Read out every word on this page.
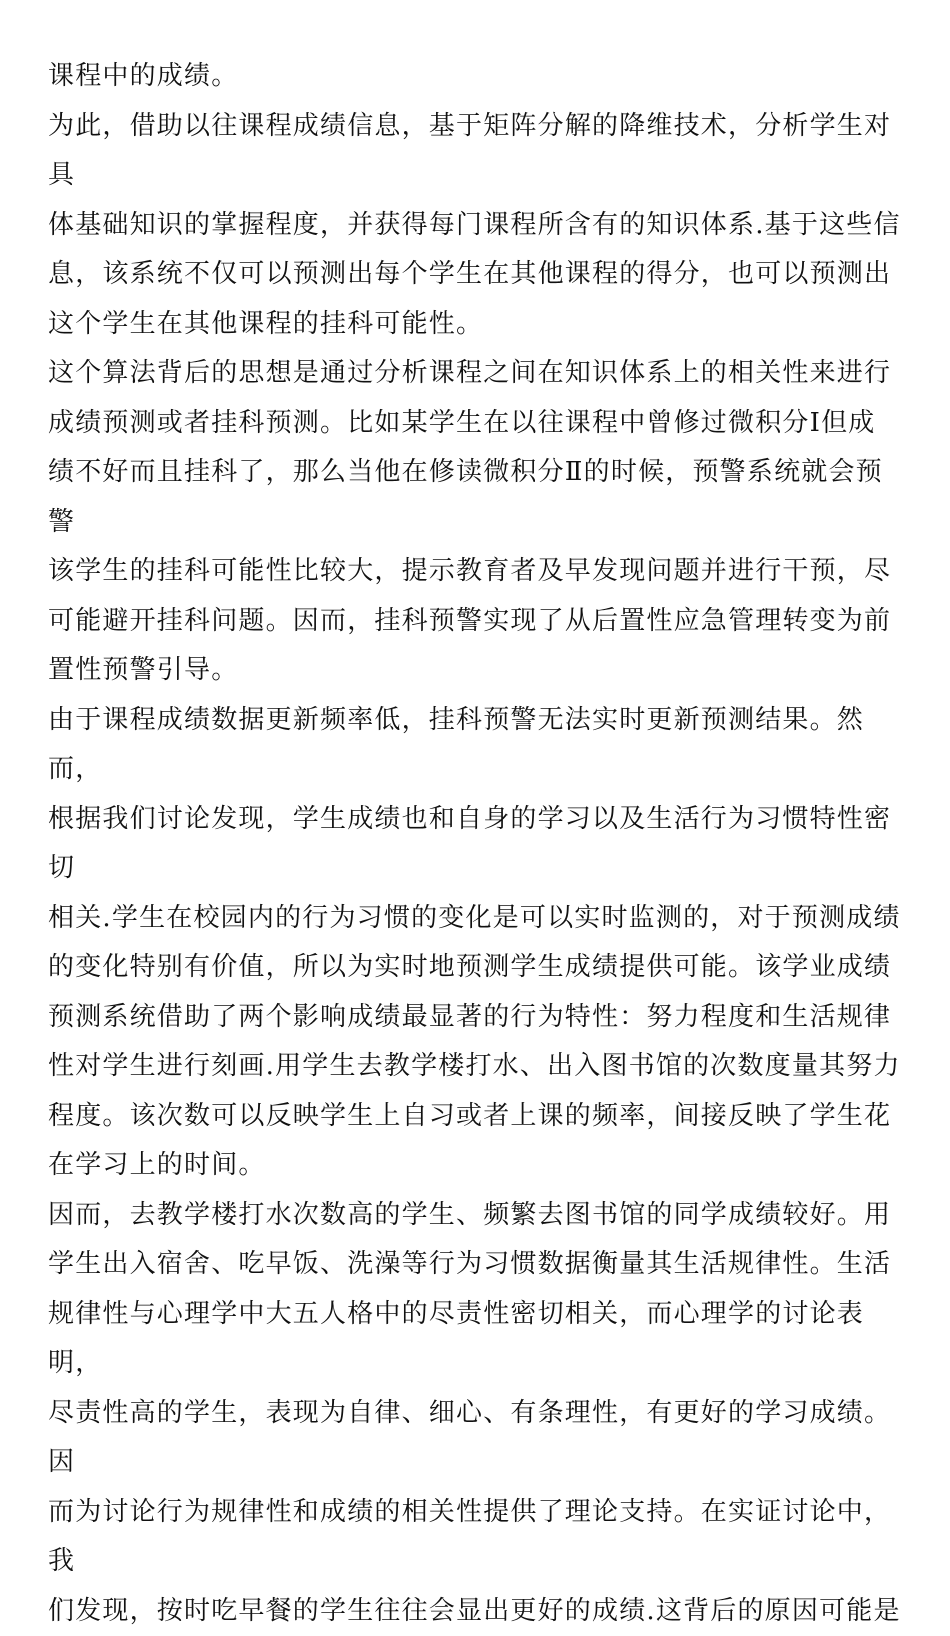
课程中的成绩。

为此，借助以往课程成绩信息，基于矩阵分解的降维技术，分析学生对具
体基础知识的掌握程度，并获得每门课程所含有的知识体系.基于这些信
息，该系统不仅可以预测出每个学生在其他课程的得分，也可以预测出
这个学生在其他课程的挂科可能性。

这个算法背后的思想是通过分析课程之间在知识体系上的相关性来进行
成绩预测或者挂科预测。比如某学生在以往课程中曾修过微积分Ⅰ但成
绩不好而且挂科了，那么当他在修读微积分Ⅱ的时候，预警系统就会预警
该学生的挂科可能性比较大，提示教育者及早发现问题并进行干预，尽
可能避开挂科问题。因而，挂科预警实现了从后置性应急管理转变为前
置性预警引导。

由于课程成绩数据更新频率低，挂科预警无法实时更新预测结果。然而，
根据我们讨论发现，学生成绩也和自身的学习以及生活行为习惯特性密切
相关.学生在校园内的行为习惯的变化是可以实时监测的，对于预测成绩
的变化特别有价值，所以为实时地预测学生成绩提供可能。该学业成绩
预测系统借助了两个影响成绩最显著的行为特性：努力程度和生活规律
性对学生进行刻画.用学生去教学楼打水、出入图书馆的次数度量其努力
程度。该次数可以反映学生上自习或者上课的频率，间接反映了学生花
在学习上的时间。

因而，去教学楼打水次数高的学生、频繁去图书馆的同学成绩较好。用
学生出入宿舍、吃早饭、洗澡等行为习惯数据衡量其生活规律性。生活
规律性与心理学中大五人格中的尽责性密切相关，而心理学的讨论表明，
尽责性高的学生，表现为自律、细心、有条理性，有更好的学习成绩。因
而为讨论行为规律性和成绩的相关性提供了理论支持。在实证讨论中，我
们发现，按时吃早餐的学生往往会显出更好的成绩.这背后的原因可能是
